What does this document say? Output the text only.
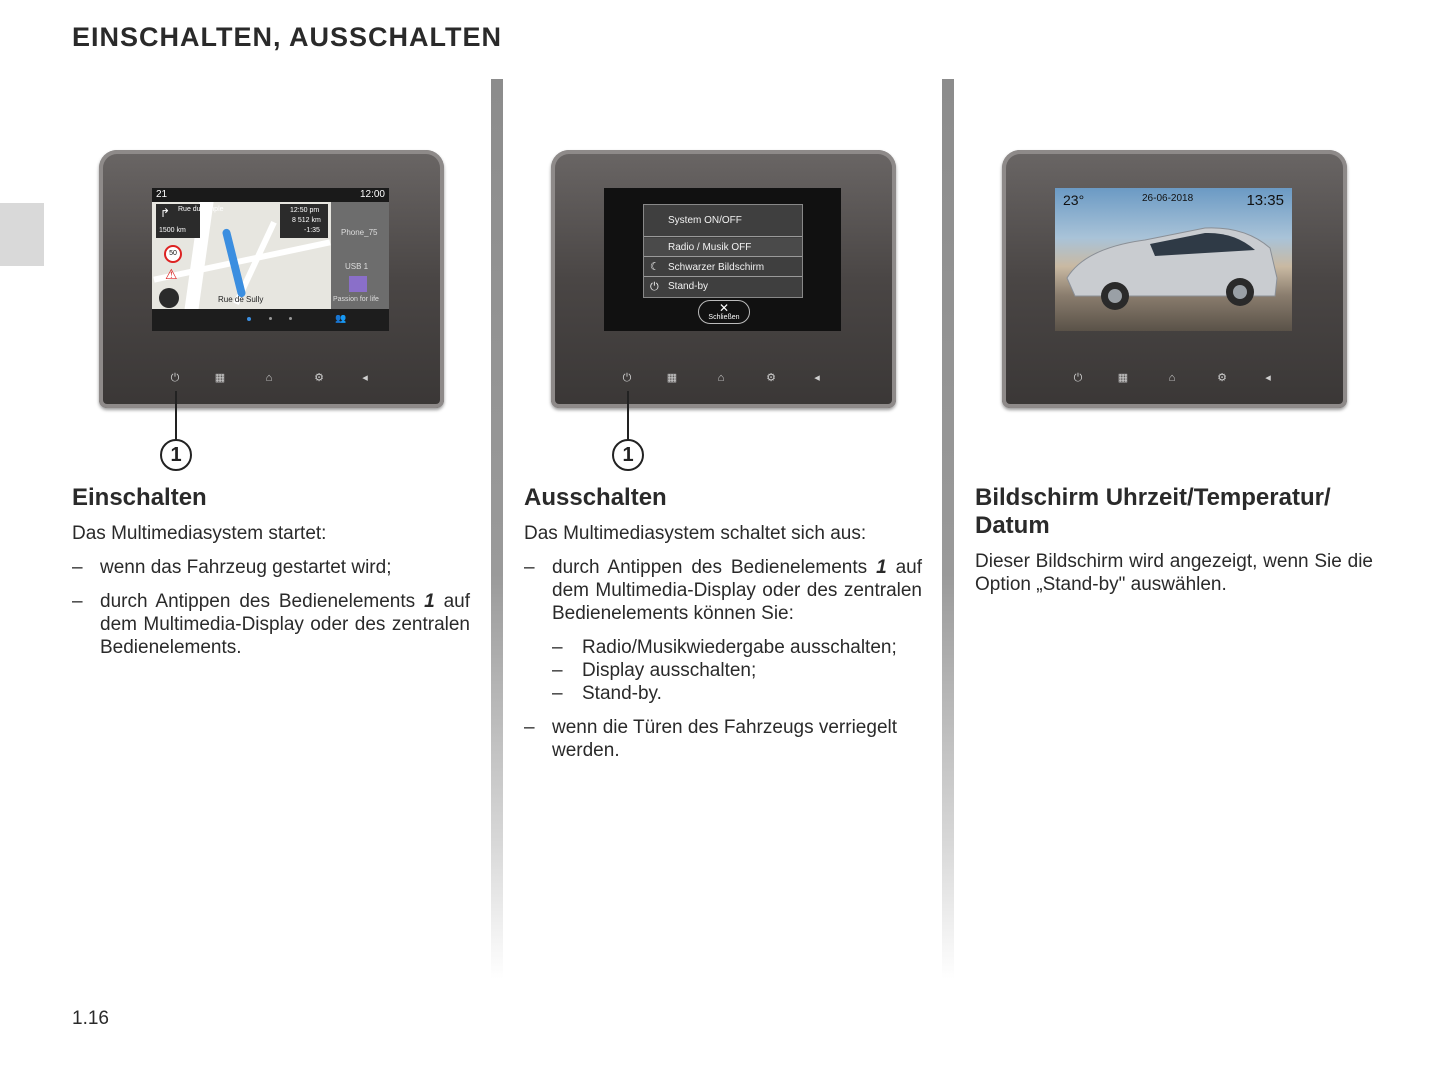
EINSCHALTEN, AUSSCHALTEN
21	12:00
↱ Rue du temple
1500 km
12:50 pm
8 512 km
-1:35
50
⚠
Rue de Sully
Phone_75
USB 1
Passion for life
👥
⏻	▦	⌂	⚙	◂
1
Einschalten

Das Multimediasystem startet:

– wenn das Fahrzeug gestartet wird;

– durch Antippen des Bedienelements 1 auf dem Multimedia-Display oder des zentralen Bedienelements.

System ON/OFF
Radio / Musik OFF
☾ Schwarzer Bildschirm
⏻ Stand-by
✕
Schließen
⏻	▦	⌂	⚙	◂
1
Ausschalten

Das Multimediasystem schaltet sich aus:

– durch Antippen des Bedienelements 1 auf dem Multimedia-Display oder des zentralen Bedienelements können Sie:

– Radio/Musikwiedergabe ausschalten;

– Display ausschalten;

– Stand-by.

– wenn die Türen des Fahrzeugs verriegelt werden.

23°	26-06-2018	13:35
⏻	▦	⌂	⚙	◂
Bildschirm Uhrzeit/Temperatur/ Datum

Dieser Bildschirm wird angezeigt, wenn Sie die Option „Stand-by" auswählen.

1.16
